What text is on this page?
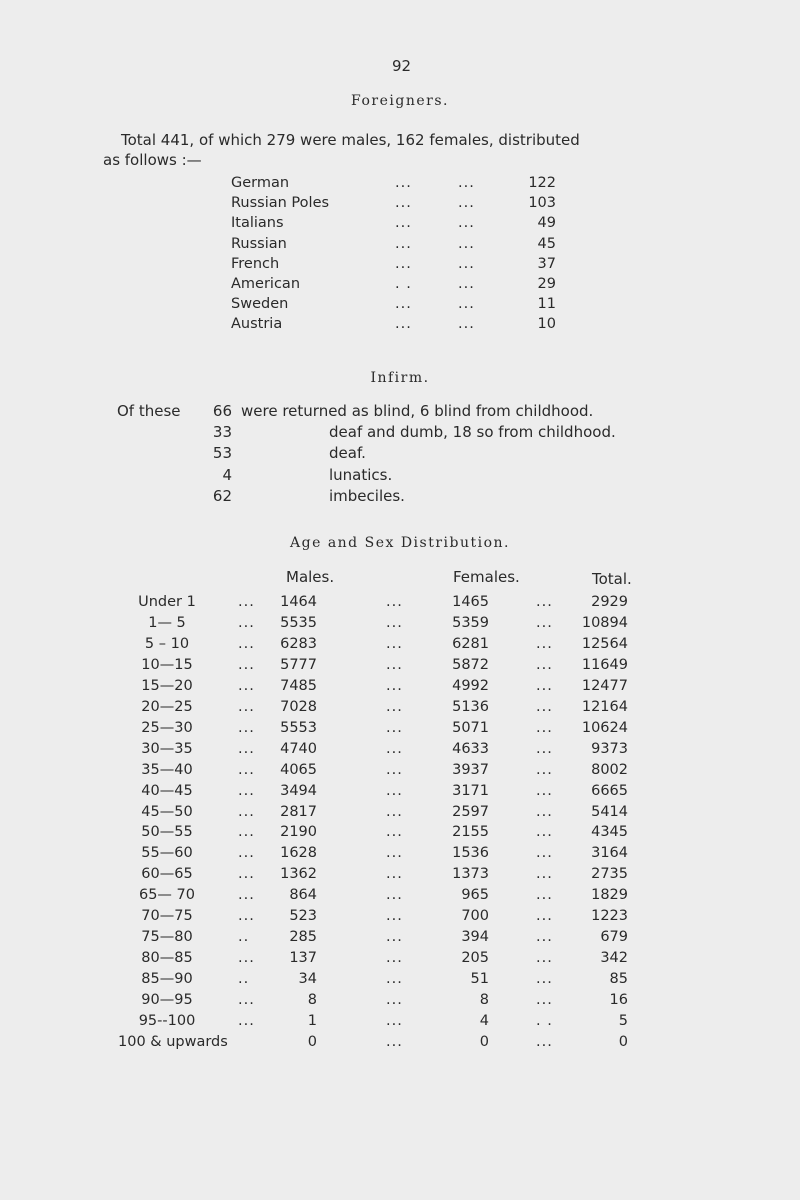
92
Foreigners.
Total 441, of which 279 were males, 162 females, distributed
as follows :—
German	...	...	122
Russian Poles	...	...	103
Italians	...	...	49
Russian	...	...	45
French	...	...	37
American	. .	...	29
Sweden	...	...	11
Austria	...	...	10
Infirm.
Of these	66 were returned as blind, 6 blind from childhood.
33	deaf and dumb, 18 so from childhood.
53	deaf.
4	lunatics.
62	imbeciles.
Age and Sex Distribution.
Males.	Females.	Total.
Under 1	...	1464	...	1465	...	2929
1— 5	...	5535	...	5359	...	10894
5 – 10	...	6283	...	6281	...	12564
10—15	...	5777	...	5872	...	11649
15—20	...	7485	...	4992	...	12477
20—25	...	7028	...	5136	...	12164
25—30	...	5553	...	5071	...	10624
30—35	...	4740	...	4633	...	9373
35—40	...	4065	...	3937	...	8002
40—45	...	3494	...	3171	...	6665
45—50	...	2817	...	2597	...	5414
50—55	...	2190	...	2155	...	4345
55—60	...	1628	...	1536	...	3164
60—65	...	1362	...	1373	...	2735
65— 70	...	864	...	965	...	1829
70—75	...	523	...	700	...	1223
75—80	..	285	...	394	...	679
80—85	...	137	...	205	...	342
85—90	..	34	...	51	...	85
90—95	...	8	...	8	...	16
95--100	...	1	...	4	. .	5
100 & upwards	0	...	0	...	0
